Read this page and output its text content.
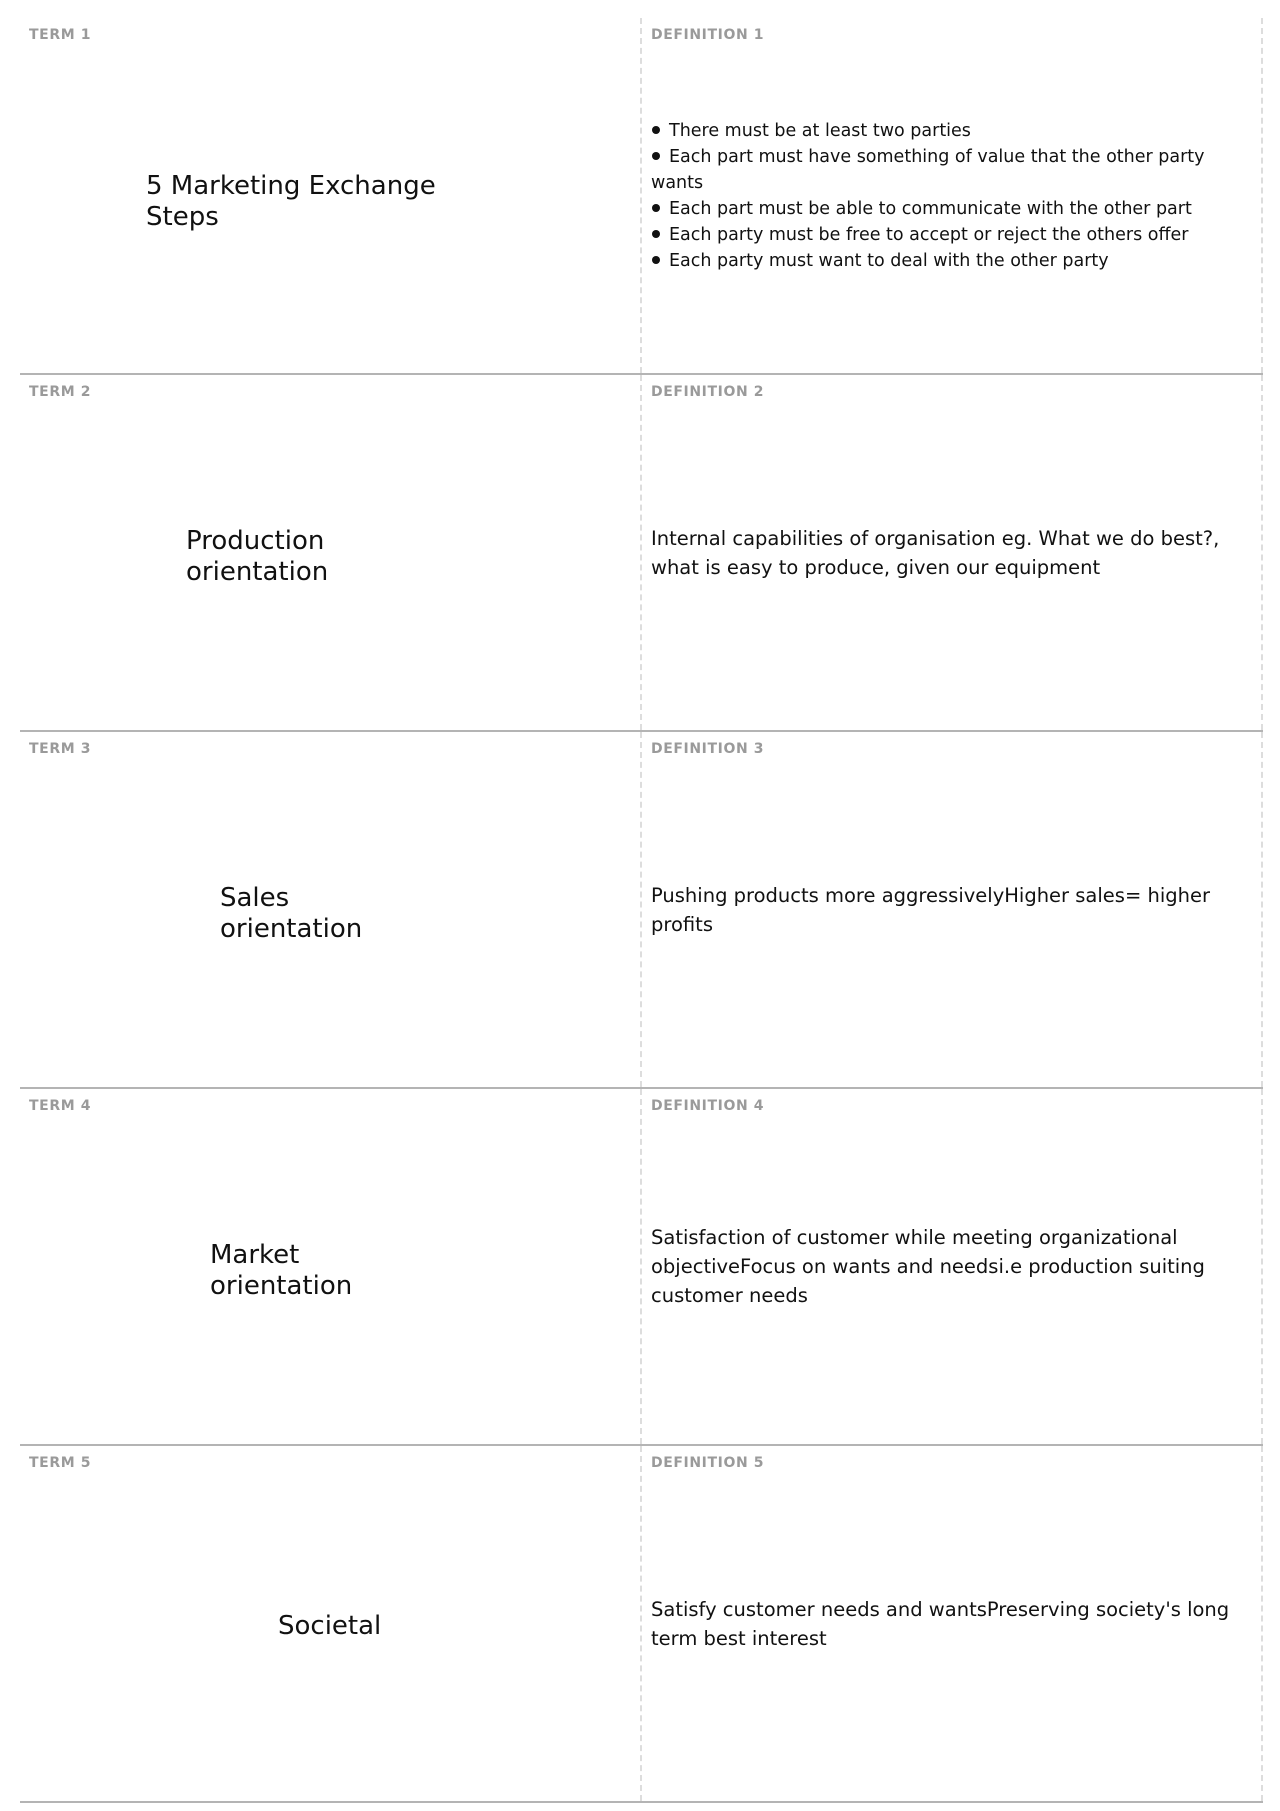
TERM 1
5 Marketing Exchange Steps
DEFINITION 1
There must be at least two parties
Each part must have something of value that the other party wants
Each part must be able to communicate with the other part
Each party must be free to accept or reject the others offer
Each party must want to deal with the other party
TERM 2
Production orientation
DEFINITION 2
Internal capabilities of organisation eg. What we do best?, what is easy to produce, given our equipment
TERM 3
Sales orientation
DEFINITION 3
Pushing products more aggressivelyHigher sales= higher profits
TERM 4
Market orientation
DEFINITION 4
Satisfaction of customer while meeting organizational objectiveFocus on wants and needsi.e production suiting customer needs
TERM 5
Societal
DEFINITION 5
Satisfy customer needs and wantsPreserving society's long term best interest
